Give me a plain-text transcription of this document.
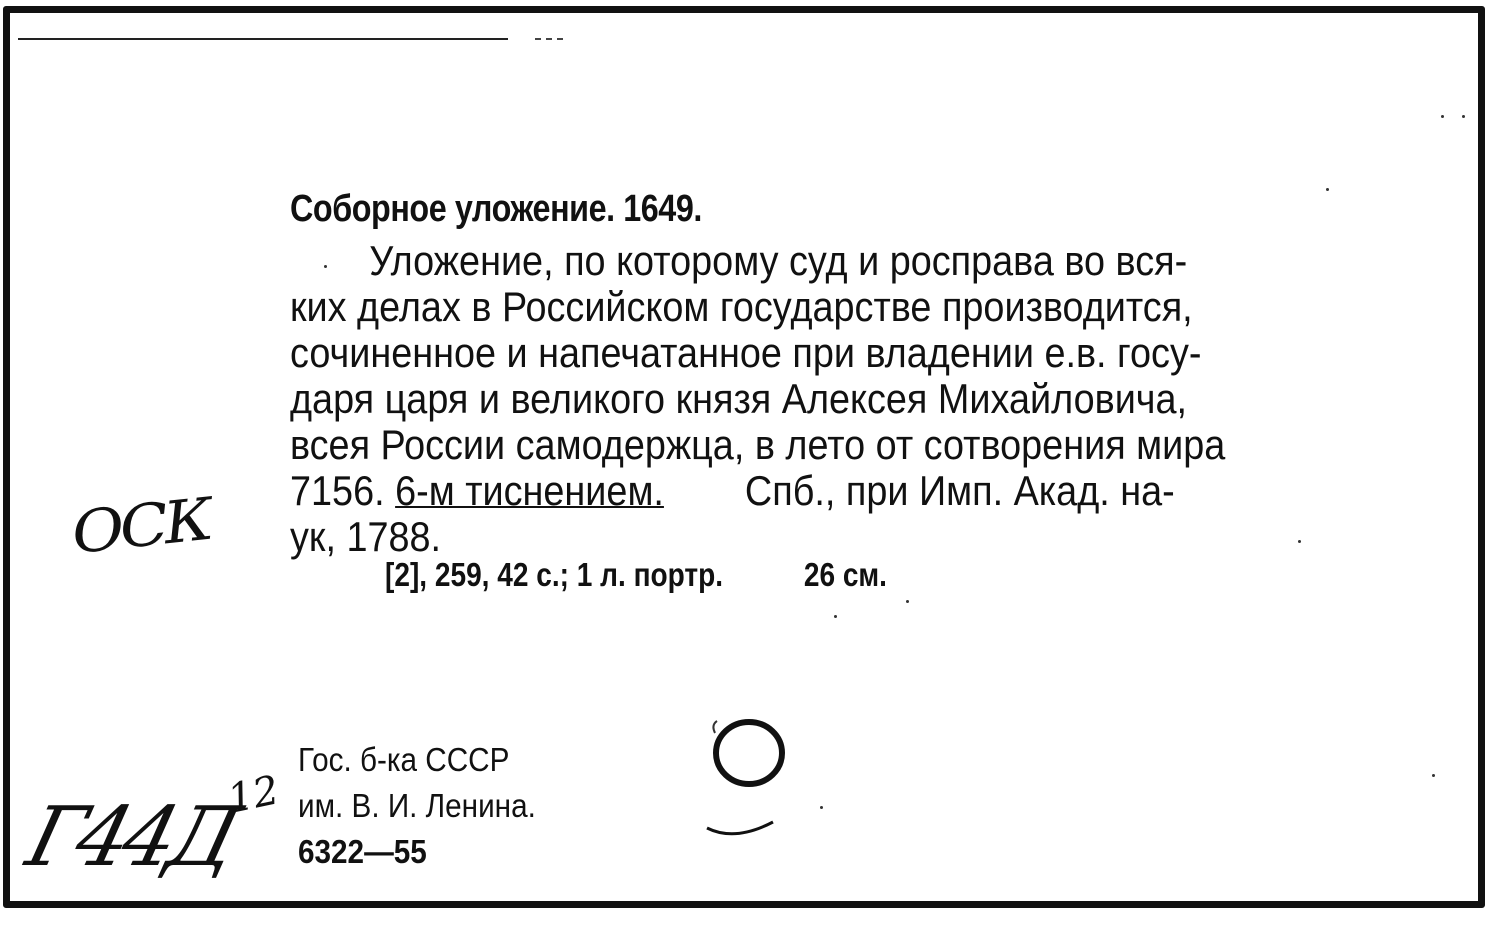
Соборное уложение. 1649.
Уложение, по которому суд и росправа во вся-
ких делах в Российском государстве производится,
сочиненное и напечатанное при владении е.в. госу-
даря царя и великого князя Алексея Михайловича,
всея России самодержца, в лето от сотворения мира
7156. 6-м тиснением. Спб., при Имп. Акад. на-
ук, 1788.
[2], 259, 42 с.; 1 л. портр. 26 см.
Гос. б-ка СССР
им. В. И. Ленина.
6322—55
ОСК
Г44Д
12
